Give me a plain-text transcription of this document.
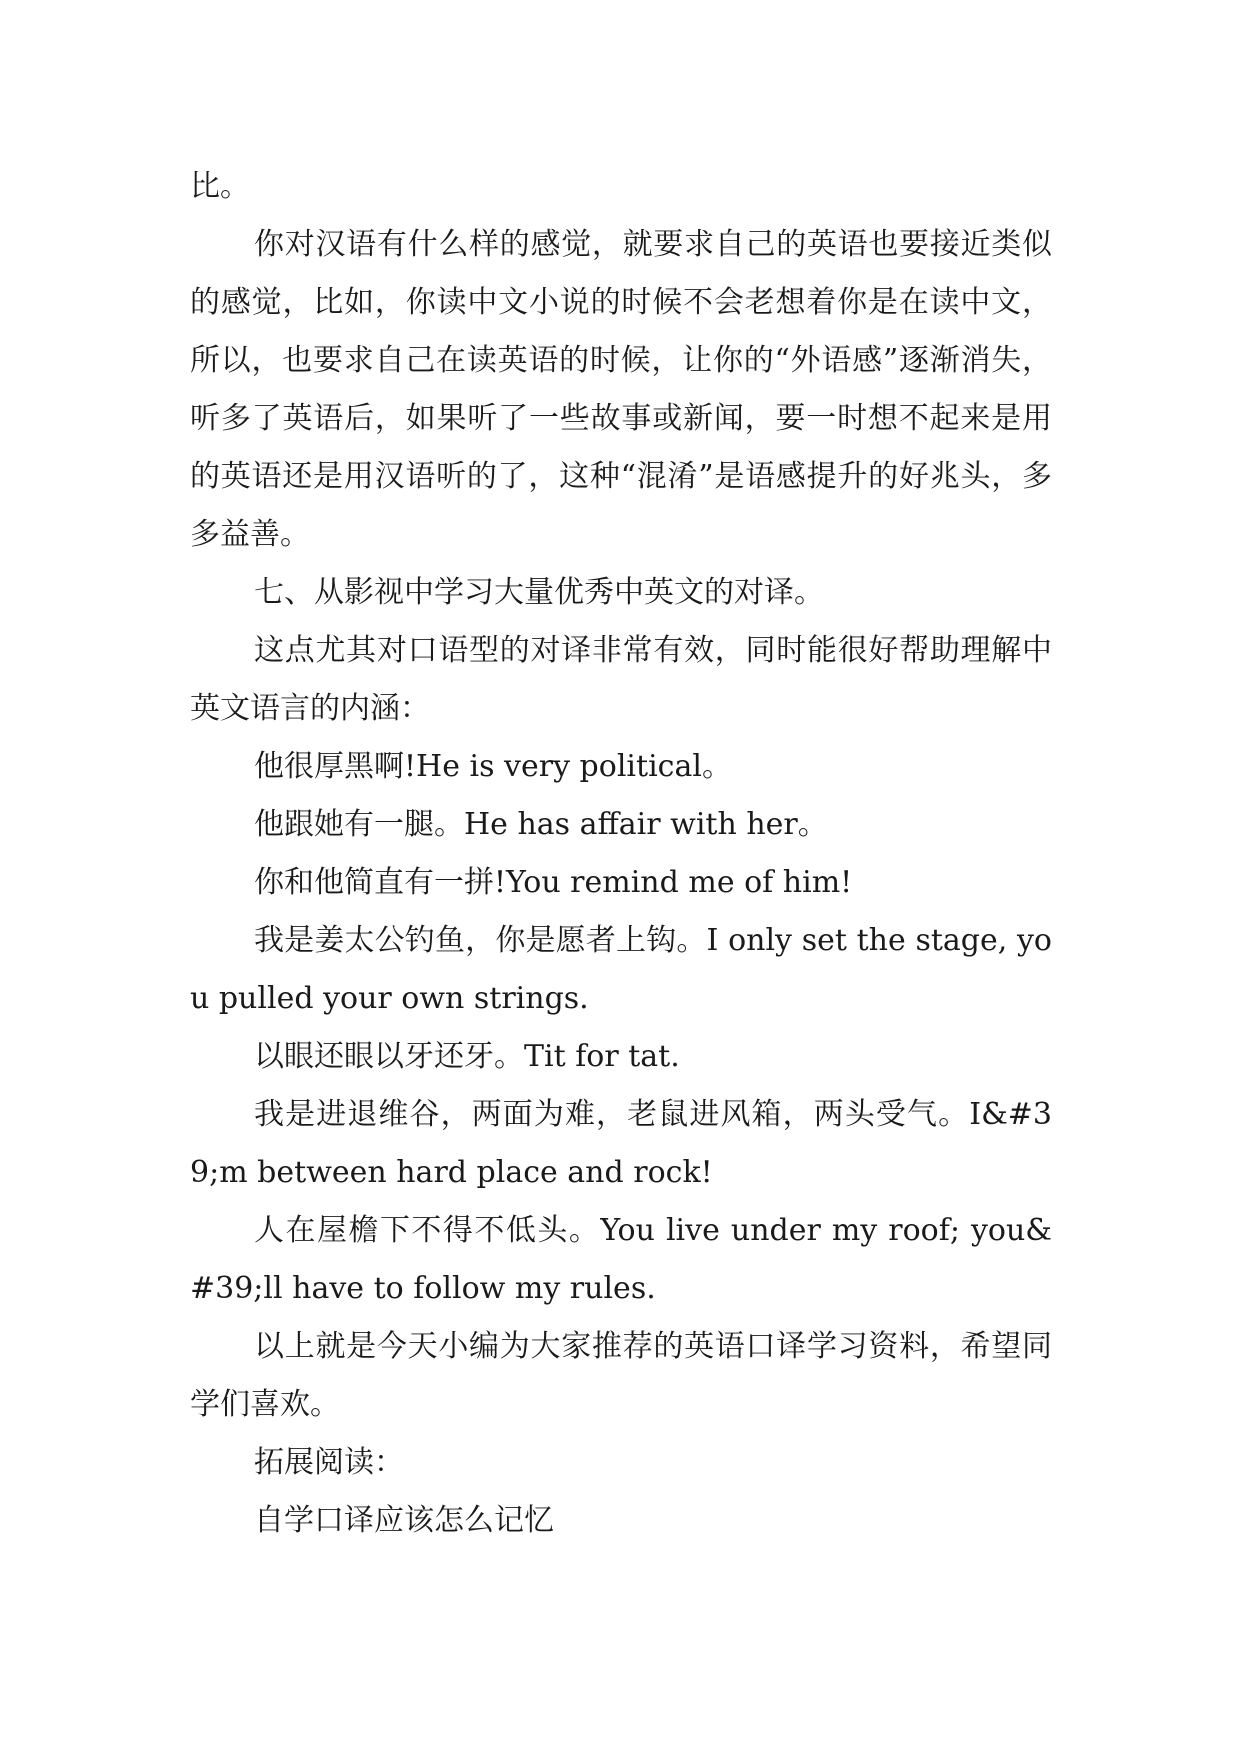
比。

你对汉语有什么样的感觉，就要求自己的英语也要接近类似的感觉，比如，你读中文小说的时候不会老想着你是在读中文，所以，也要求自己在读英语的时候，让你的“外语感”逐渐消失，听多了英语后，如果听了一些故事或新闻，要一时想不起来是用的英语还是用汉语听的了，这种“混淆”是语感提升的好兆头，多多益善。

七、从影视中学习大量优秀中英文的对译。

这点尤其对口语型的对译非常有效，同时能很好帮助理解中英文语言的内涵：

他很厚黑啊!He is very political。

他跟她有一腿。He has affair with her。

你和他简直有一拼!You remind me of him!

我是姜太公钓鱼，你是愿者上钩。I only set the stage, you pulled your own strings.

以眼还眼以牙还牙。Tit for tat.

我是进退维谷，两面为难，老鼠进风箱，两头受气。I&#39;m between hard place and rock!

人在屋檐下不得不低头。You live under my roof; you&#39;ll have to follow my rules.

以上就是今天小编为大家推荐的英语口译学习资料，希望同学们喜欢。

拓展阅读：

自学口译应该怎么记忆
